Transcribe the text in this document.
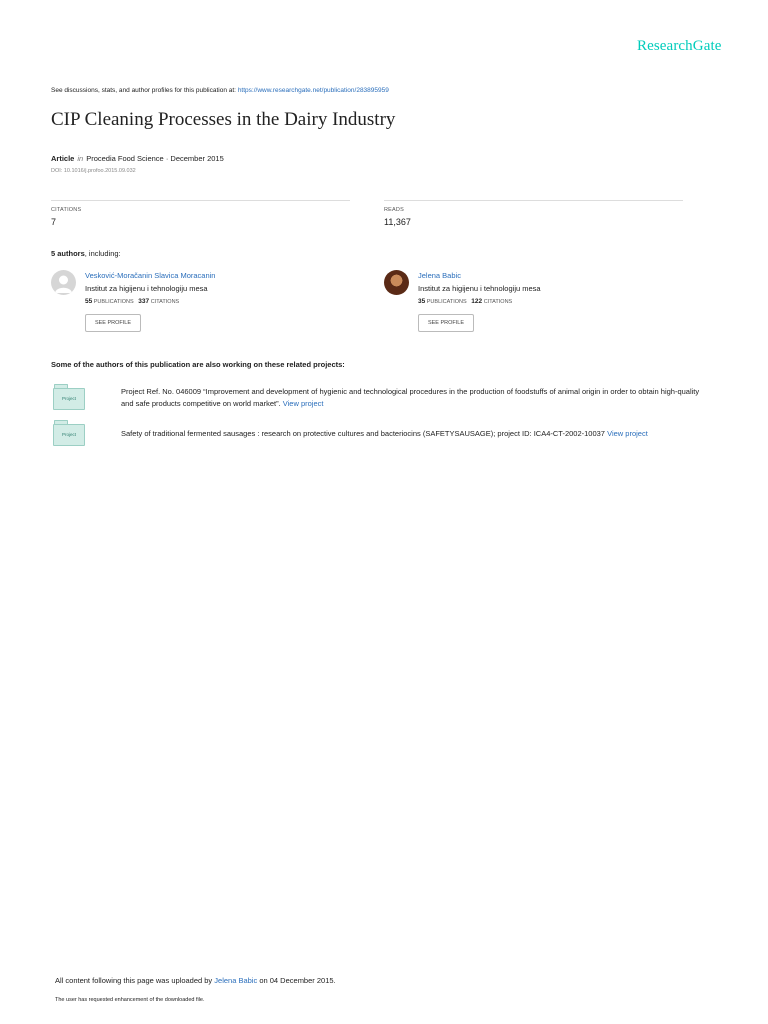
ResearchGate
See discussions, stats, and author profiles for this publication at: https://www.researchgate.net/publication/283895959
CIP Cleaning Processes in the Dairy Industry
Article in Procedia Food Science · December 2015
DOI: 10.1016/j.profoo.2015.09.032
CITATIONS
7
READS
11,367
5 authors, including:
Vesković-Moračanin Slavica Moracanin
Institut za higijenu i tehnologiju mesa
55 PUBLICATIONS 337 CITATIONS
SEE PROFILE
Jelena Babic
Institut za higijenu i tehnologiju mesa
35 PUBLICATIONS 122 CITATIONS
SEE PROFILE
Some of the authors of this publication are also working on these related projects:
Project
Project Ref. No. 046009 “Improvement and development of hygienic and technological procedures in the production of foodstuffs of animal origin in order to obtain high-quality and safe products competitive on world market”. View project
Project	Safety of traditional fermented sausages : research on protective cultures and bacteriocins (SAFETYSAUSAGE); project ID: ICA4-CT-2002-10037 View project
All content following this page was uploaded by Jelena Babic on 04 December 2015.
The user has requested enhancement of the downloaded file.
